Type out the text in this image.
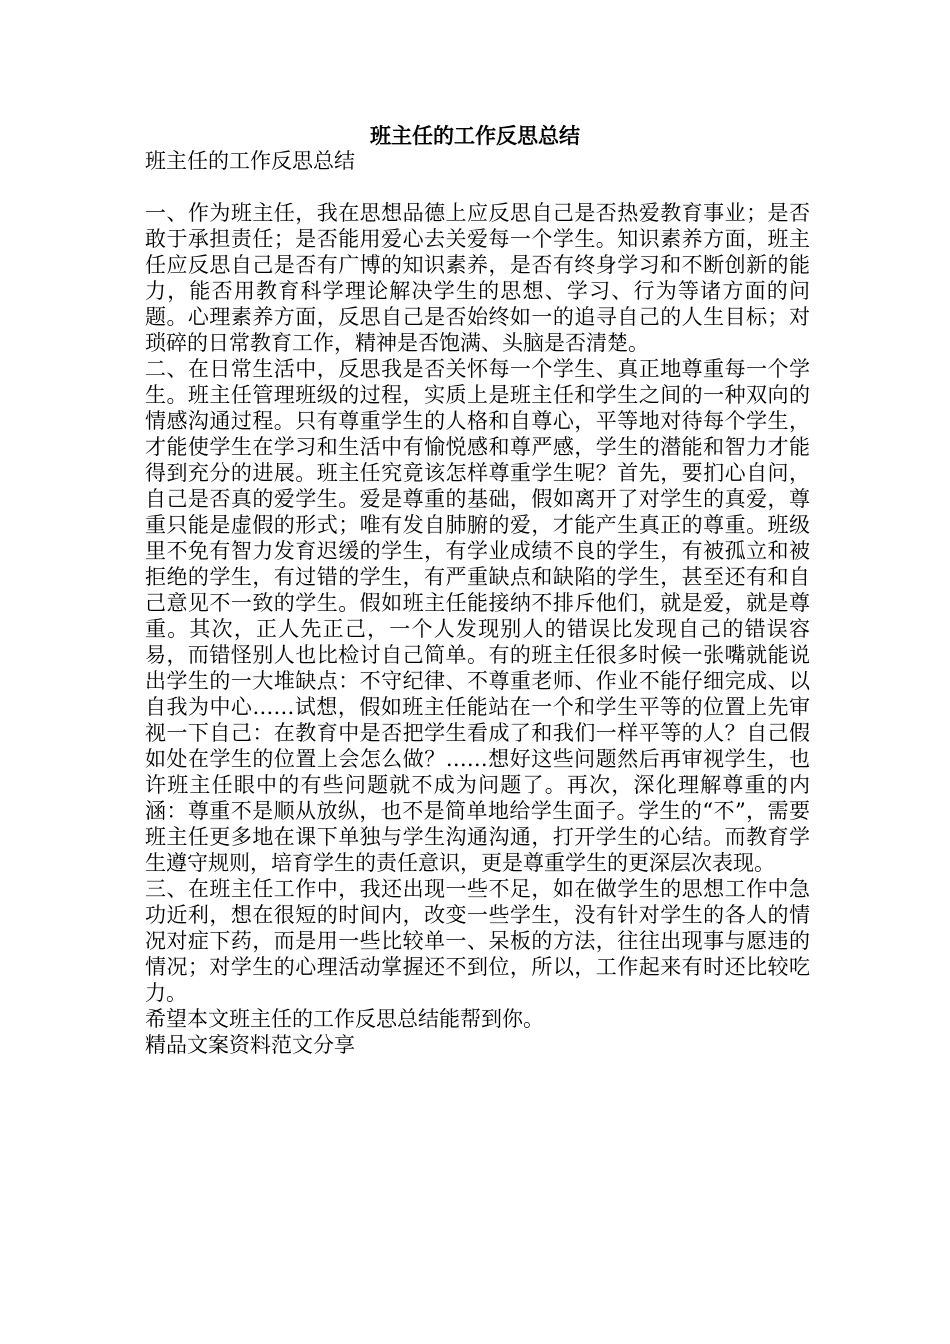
班主任的工作反思总结

班主任的工作反思总结

一、作为班主任，我在思想品德上应反思自己是否热爱教育事业；是否敢于承担责任；是否能用爱心去关爱每一个学生。知识素养方面，班主任应反思自己是否有广博的知识素养，是否有终身学习和不断创新的能力，能否用教育科学理论解决学生的思想、学习、行为等诸方面的问题。心理素养方面，反思自己是否始终如一的追寻自己的人生目标；对琐碎的日常教育工作，精神是否饱满、头脑是否清楚。

二、在日常生活中，反思我是否关怀每一个学生、真正地尊重每一个学生。班主任管理班级的过程，实质上是班主任和学生之间的一种双向的情感沟通过程。只有尊重学生的人格和自尊心，平等地对待每个学生，才能使学生在学习和生活中有愉悦感和尊严感，学生的潜能和智力才能得到充分的进展。班主任究竟该怎样尊重学生呢？首先，要扪心自问，自己是否真的爱学生。爱是尊重的基础，假如离开了对学生的真爱，尊重只能是虚假的形式；唯有发自肺腑的爱，才能产生真正的尊重。班级里不免有智力发育迟缓的学生，有学业成绩不良的学生，有被孤立和被拒绝的学生，有过错的学生，有严重缺点和缺陷的学生，甚至还有和自己意见不一致的学生。假如班主任能接纳不排斥他们，就是爱，就是尊重。其次，正人先正己，一个人发现别人的错误比发现自己的错误容易，而错怪别人也比检讨自己简单。有的班主任很多时候一张嘴就能说出学生的一大堆缺点：不守纪律、不尊重老师、作业不能仔细完成、以自我为中心……试想，假如班主任能站在一个和学生平等的位置上先审视一下自己：在教育中是否把学生看成了和我们一样平等的人？自己假如处在学生的位置上会怎么做？……想好这些问题然后再审视学生，也许班主任眼中的有些问题就不成为问题了。再次，深化理解尊重的内涵：尊重不是顺从放纵，也不是简单地给学生面子。学生的“不”，需要班主任更多地在课下单独与学生沟通沟通，打开学生的心结。而教育学生遵守规则，培育学生的责任意识，更是尊重学生的更深层次表现。

三、在班主任工作中，我还出现一些不足，如在做学生的思想工作中急功近利，想在很短的时间内，改变一些学生，没有针对学生的各人的情况对症下药，而是用一些比较单一、呆板的方法，往往出现事与愿违的情况；对学生的心理活动掌握还不到位，所以，工作起来有时还比较吃力。

希望本文班主任的工作反思总结能帮到你。

精品文案资料范文分享
